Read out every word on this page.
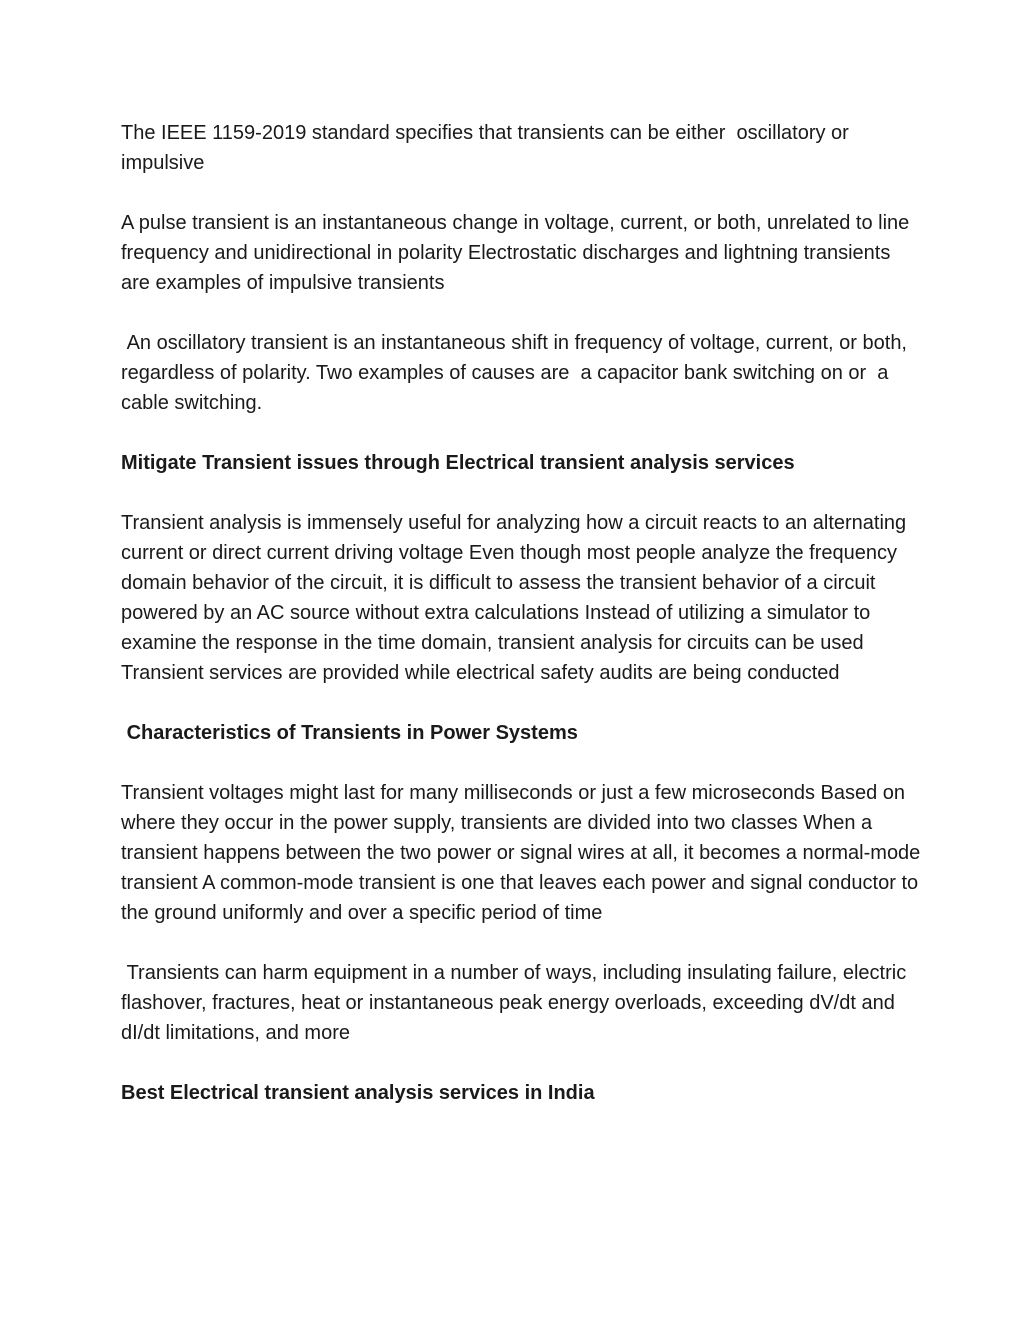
The IEEE 1159-2019 standard specifies that transients can be either  oscillatory or impulsive

A pulse transient is an instantaneous change in voltage, current, or both, unrelated to line frequency and unidirectional in polarity Electrostatic discharges and lightning transients are examples of impulsive transients

An oscillatory transient is an instantaneous shift in frequency of voltage, current, or both, regardless of polarity. Two examples of causes are  a capacitor bank switching on or  a cable switching.

Mitigate Transient issues through Electrical transient analysis services

Transient analysis is immensely useful for analyzing how a circuit reacts to an alternating current or direct current driving voltage Even though most people analyze the frequency domain behavior of the circuit, it is difficult to assess the transient behavior of a circuit powered by an AC source without extra calculations Instead of utilizing a simulator to examine the response in the time domain, transient analysis for circuits can be used Transient services are provided while electrical safety audits are being conducted

Characteristics of Transients in Power Systems

Transient voltages might last for many milliseconds or just a few microseconds Based on where they occur in the power supply, transients are divided into two classes When a transient happens between the two power or signal wires at all, it becomes a normal-mode transient A common-mode transient is one that leaves each power and signal conductor to the ground uniformly and over a specific period of time

Transients can harm equipment in a number of ways, including insulating failure, electric flashover, fractures, heat or instantaneous peak energy overloads, exceeding dV/dt and dI/dt limitations, and more

Best Electrical transient analysis services in India
